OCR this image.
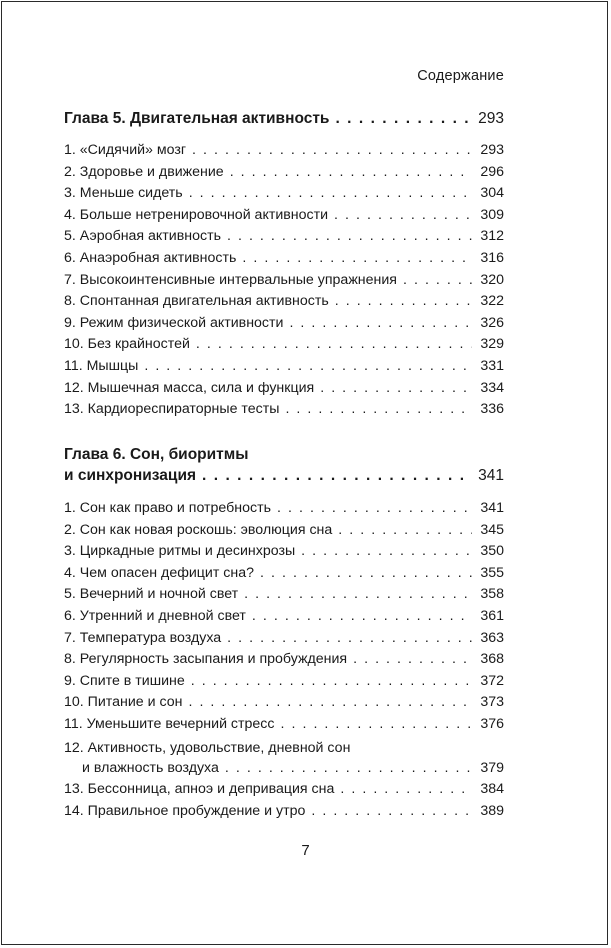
Содержание
Глава 5. Двигательная активность . . .	293
1. «Сидячий» мозг . . .	293
2. Здоровье и движение . . .	296
3. Меньше сидеть . . .	304
4. Больше нетренировочной активности . . .	309
5. Аэробная активность . . .	312
6. Анаэробная активность . . .	316
7. Высокоинтенсивные интервальные упражнения . . .	320
8. Спонтанная двигательная активность . . .	322
9. Режим физической активности . . .	326
10. Без крайностей . . .	329
11. Мышцы . . .	331
12. Мышечная масса, сила и функция . . .	334
13. Кардиореспираторные тесты . . .	336
Глава 6. Сон, биоритмы
и синхронизация . . .	341
1. Сон как право и потребность . . .	341
2. Сон как новая роскошь: эволюция сна . . .	345
3. Циркадные ритмы и десинхрозы . . .	350
4. Чем опасен дефицит сна? . . .	355
5. Вечерний и ночной свет . . .	358
6. Утренний и дневной свет . . .	361
7. Температура воздуха . . .	363
8. Регулярность засыпания и пробуждения . . .	368
9. Спите в тишине . . .	372
10. Питание и сон . . .	373
11. Уменьшите вечерний стресс . . .	376
12. Активность, удовольствие, дневной сон
и влажность воздуха . . .	379
13. Бессонница, апноэ и депривация сна . . .	384
14. Правильное пробуждение и утро . . .	389
7
